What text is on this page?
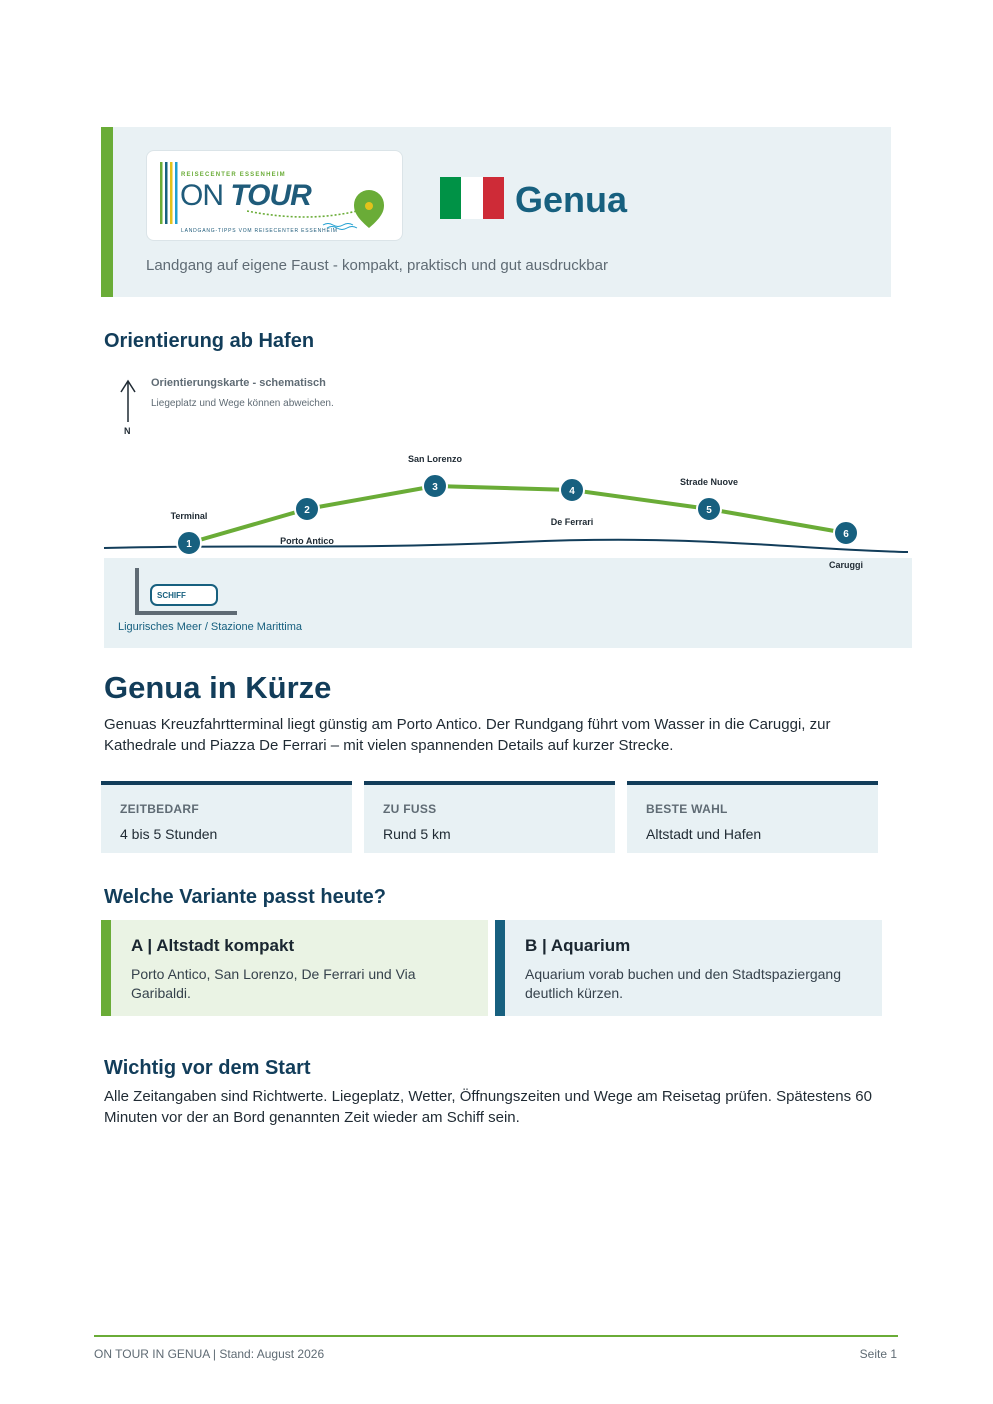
REISECENTER ESSENHEIM
ON TOUR
LANDGANG-TIPPS VOM REISECENTER ESSENHEIM
Genua
Landgang auf eigene Faust - kompakt, praktisch und gut ausdruckbar
Orientierung ab Hafen
N
Orientierungskarte - schematisch
Liegeplatz und Wege können abweichen.
1
Terminal	2
Porto Antico
3
San Lorenzo
4
De Ferrari
5
Strade Nuove
6
Caruggi
SCHIFF
Ligurisches Meer / Stazione Marittima
Genua in Kürze

Genuas Kreuzfahrtterminal liegt günstig am Porto Antico. Der Rundgang führt vom Wasser in die Caruggi, zur Kathedrale und Piazza De Ferrari – mit vielen spannenden Details auf kurzer Strecke.

ZEITBEDARF
4 bis 5 Stunden
ZU FUSS
Rund 5 km
BESTE WAHL
Altstadt und Hafen
Welche Variante passt heute?
A | Altstadt kompakt
Porto Antico, San Lorenzo, De Ferrari und Via Garibaldi.
B | Aquarium
Aquarium vorab buchen und den Stadtspaziergang deutlich kürzen.
Wichtig vor dem Start

Alle Zeitangaben sind Richtwerte. Liegeplatz, Wetter, Öffnungszeiten und Wege am Reisetag prüfen. Spätestens 60 Minuten vor der an Bord genannten Zeit wieder am Schiff sein.

ON TOUR IN GENUA | Stand: August 2026	Seite 1
